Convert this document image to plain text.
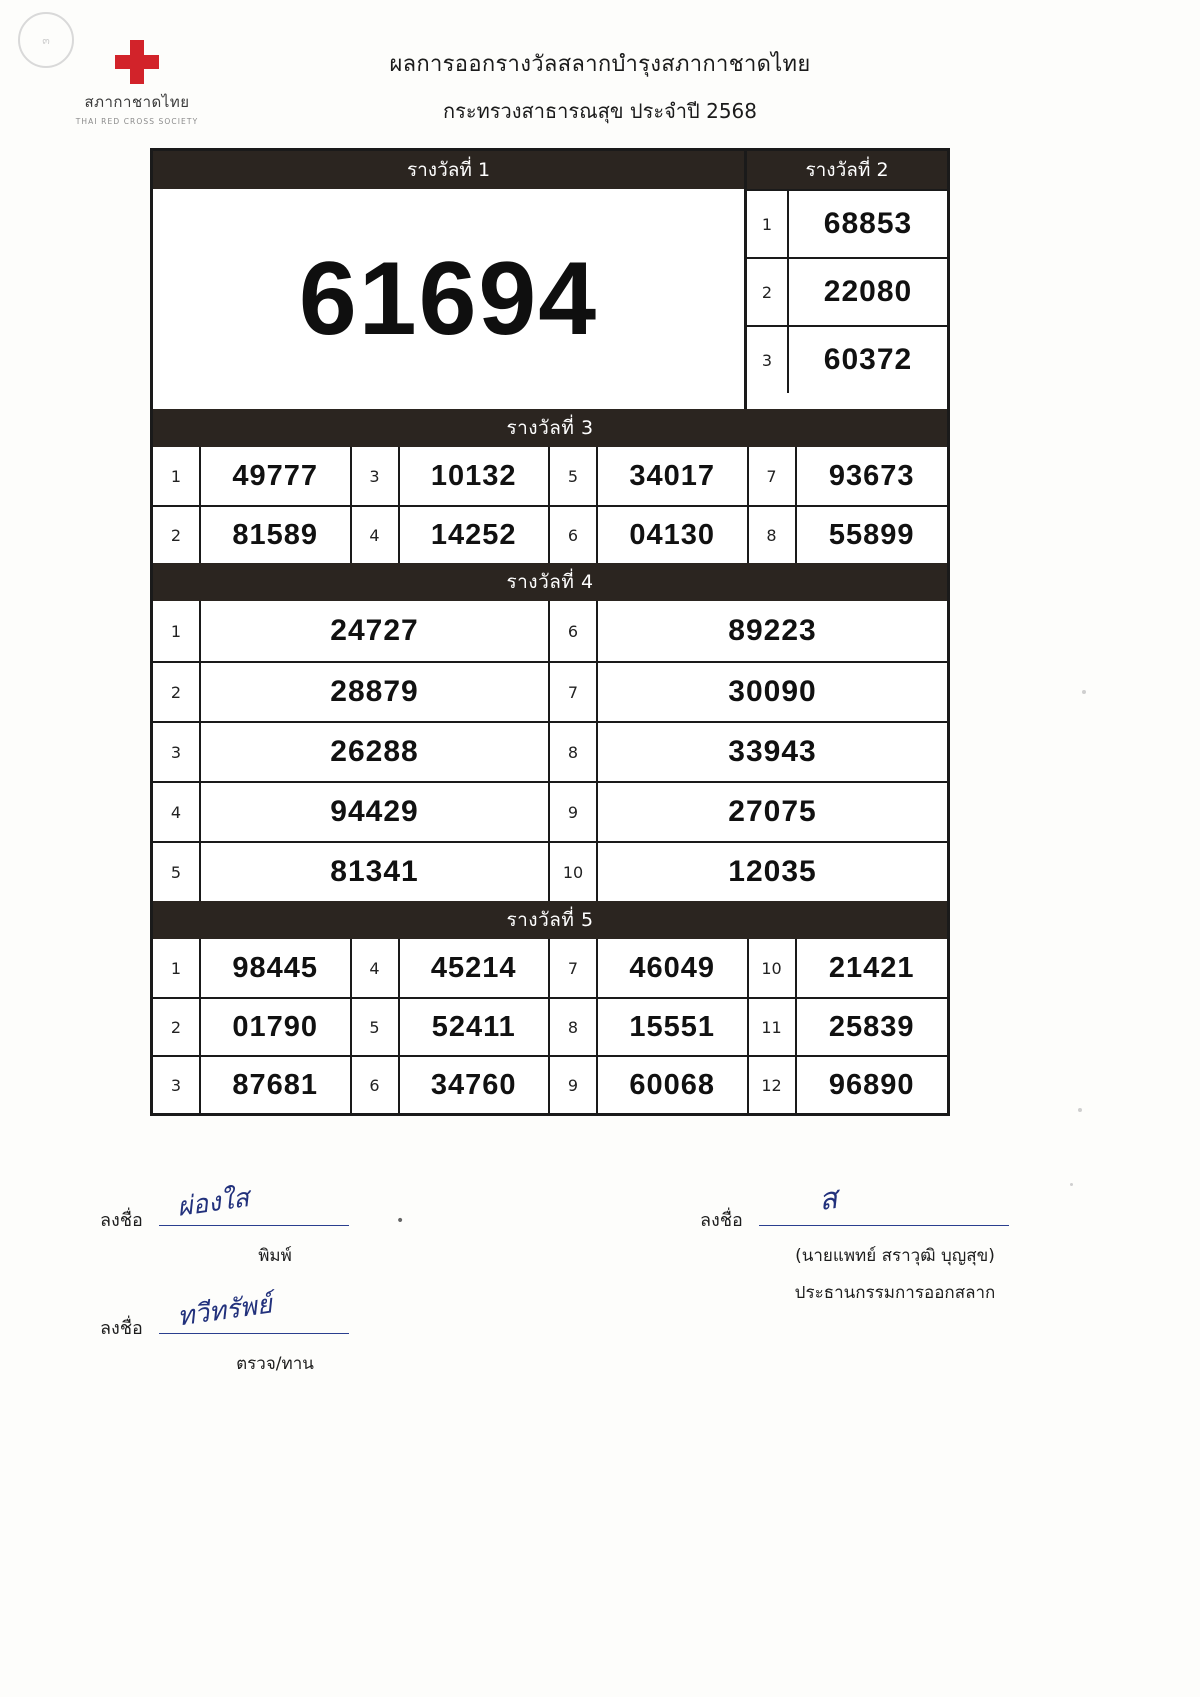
๓
สภากาชาดไทย
THAI RED CROSS SOCIETY
ผลการออกรางวัลสลากบำรุงสภากาชาดไทย
กระทรวงสาธารณสุข ประจำปี 2568
รางวัลที่ 1
61694
รางวัลที่ 2
1	68853
2	22080
3	60372
รางวัลที่ 3
1	49777	3	10132	5	34017	7	93673
2	81589	4	14252	6	04130	8	55899
รางวัลที่ 4
1	24727	6	89223
2	28879	7	30090
3	26288	8	33943
4	94429	9	27075
5	81341	10	12035
รางวัลที่ 5
1	98445	4	45214	7	46049	10	21421
2	01790	5	52411	8	15551	11	25839
3	87681	6	34760	9	60068	12	96890
•
ลงชื่อ ผ่องใส
พิมพ์
ลงชื่อ ทวีทรัพย์
ตรวจ/ทาน
ลงชื่อ
ส
(นายแพทย์ สราวุฒิ บุญสุข)
ประธานกรรมการออกสลาก
